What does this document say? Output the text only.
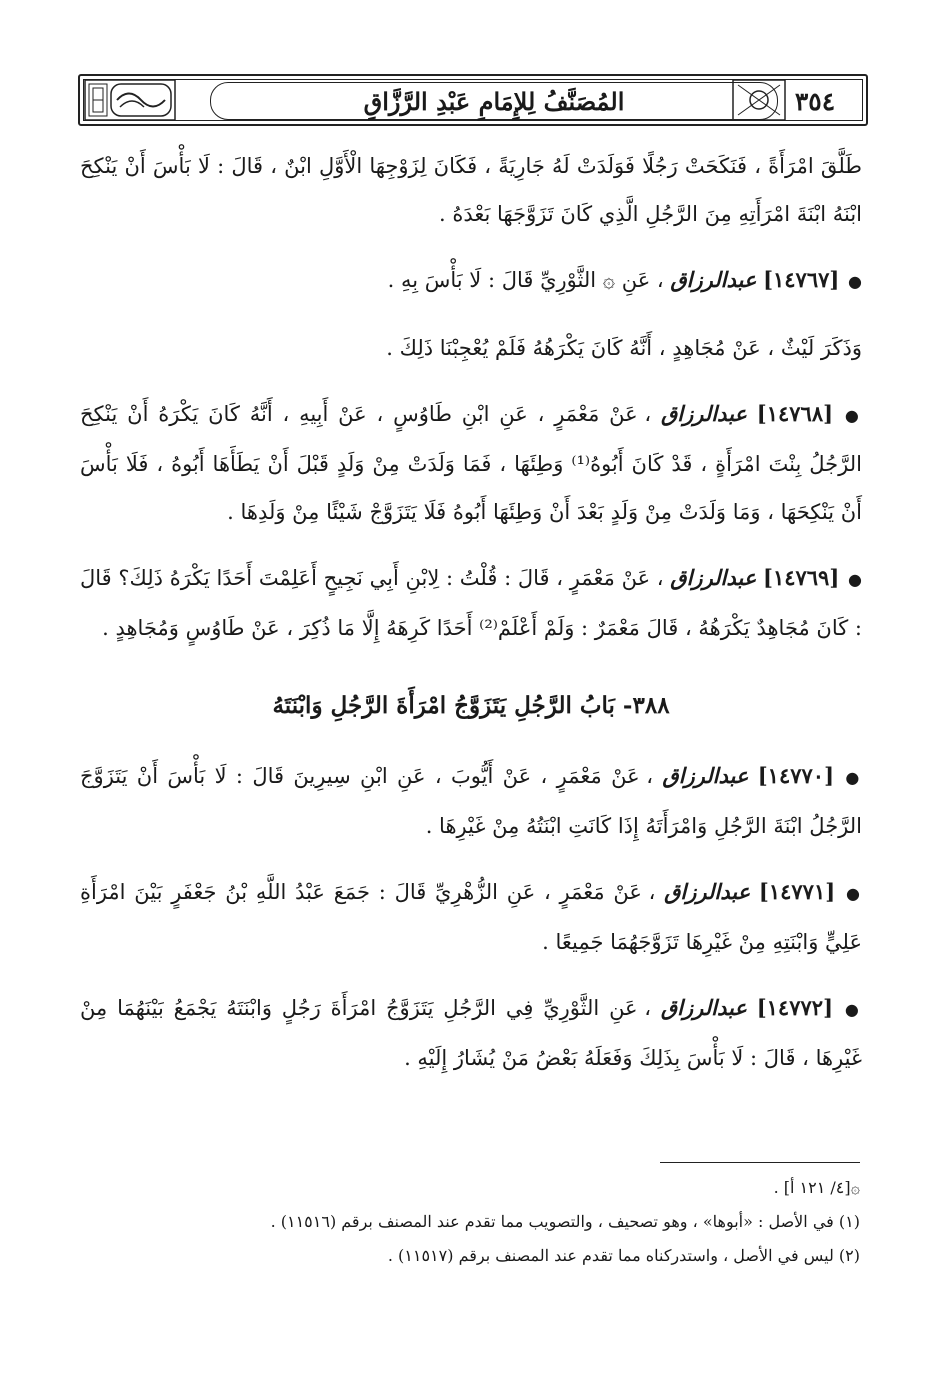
المُصَنَّفُ لِلإِمَامِ عَبْدِ الرَّزَّاقِ	٣٥٤

طَلَّقَ امْرَأَةً ، فَنَكَحَتْ رَجُلًا فَوَلَدَتْ لَهُ جَارِيَةً ، فَكَانَ لِزَوْجِهَا الْأَوَّلِ ابْنٌ ، قَالَ : لَا بَأْسَ أَنْ يَنْكِحَ ابْنَهُ ابْنَةَ امْرَأَتِهِ مِنَ الرَّجُلِ الَّذِي كَانَ تَزَوَّجَهَا بَعْدَهُ .

● [١٤٧٦٧] عبدالرزاق ، عَنِ ۞ الثَّوْرِيِّ قَالَ : لَا بَأْسَ بِهِ .

وَذَكَرَ لَيْثٌ ، عَنْ مُجَاهِدٍ ، أَنَّهُ كَانَ يَكْرَهُهُ فَلَمْ يُعْجِبْنَا ذَلِكَ .

● [١٤٧٦٨] عبدالرزاق ، عَنْ مَعْمَرٍ ، عَنِ ابْنِ طَاوُسٍ ، عَنْ أَبِيهِ ، أَنَّهُ كَانَ يَكْرَهُ أَنْ يَنْكِحَ الرَّجُلُ بِنْتَ امْرَأَةٍ ، قَدْ كَانَ أَبُوهُ⁽¹⁾ وَطِئَهَا ، فَمَا وَلَدَتْ مِنْ وَلَدٍ قَبْلَ أَنْ يَطَأَهَا أَبُوهُ ، فَلَا بَأْسَ أَنْ يَنْكِحَهَا ، وَمَا وَلَدَتْ مِنْ وَلَدٍ بَعْدَ أَنْ وَطِئَهَا أَبُوهُ فَلَا يَتَزَوَّجْ شَيْئًا مِنْ وَلَدِهَا .

● [١٤٧٦٩] عبدالرزاق ، عَنْ مَعْمَرٍ ، قَالَ : قُلْتُ : لِابْنِ أَبِي نَجِيحٍ أَعَلِمْتَ أَحَدًا يَكْرَهُ ذَلِكَ؟ قَالَ : كَانَ مُجَاهِدٌ يَكْرَهُهُ ، قَالَ مَعْمَرٌ : وَلَمْ أَعْلَمْ⁽²⁾ أَحَدًا كَرِهَهُ إِلَّا مَا ذُكِرَ ، عَنْ طَاوُسٍ وَمُجَاهِدٍ .

٣٨٨- بَابُ الرَّجُلِ يَتَزَوَّجُ امْرَأَةَ الرَّجُلِ وَابْنَتَهُ

● [١٤٧٧٠] عبدالرزاق ، عَنْ مَعْمَرٍ ، عَنْ أَيُّوبَ ، عَنِ ابْنِ سِيرِينَ قَالَ : لَا بَأْسَ أَنْ يَتَزَوَّجَ الرَّجُلُ ابْنَةَ الرَّجُلِ وَامْرَأَتَهُ إِذَا كَانَتِ ابْنَتُهُ مِنْ غَيْرِهَا .

● [١٤٧٧١] عبدالرزاق ، عَنْ مَعْمَرٍ ، عَنِ الزُّهْرِيِّ قَالَ : جَمَعَ عَبْدُ اللَّهِ بْنُ جَعْفَرٍ بَيْنَ امْرَأَةِ عَلِيٍّ وَابْنَتِهِ مِنْ غَيْرِهَا تَزَوَّجَهُمَا جَمِيعًا .

● [١٤٧٧٢] عبدالرزاق ، عَنِ الثَّوْرِيِّ فِي الرَّجُلِ يَتَزَوَّجُ امْرَأَةَ رَجُلٍ وَابْنَتَهُ يَجْمَعُ بَيْنَهُمَا مِنْ غَيْرِهَا ، قَالَ : لَا بَأْسَ بِذَلِكَ وَفَعَلَهُ بَعْضُ مَنْ يُشَارُ إِلَيْهِ .

۞[٤/ ١٢١ أ] .

(١) في الأصل : «أبوها» ، وهو تصحيف ، والتصويب مما تقدم عند المصنف برقم (١١٥١٦) .

(٢) ليس في الأصل ، واستدركناه مما تقدم عند المصنف برقم (١١٥١٧) .
